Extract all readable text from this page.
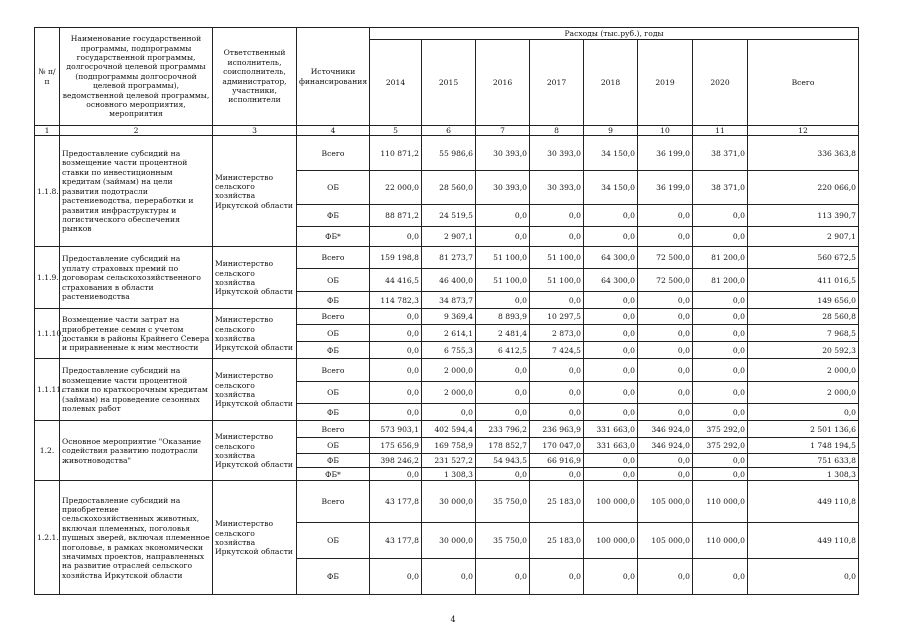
№ п/п	Наименование государственной программы, подпрограммы государственной программы, долгосрочной целевой программы (подпрограммы долгосрочной целевой программы), ведомственной целевой программы, основного мероприятия, мероприятия	Ответственный исполнитель, соисполнитель, администратор, участники, исполнители	Источники финансирования	Расходы (тыс.руб.), годы							
				2014	2015	2016	2017	2018	2019	2020	Всего
1	2	3	4	5	6	7	8	9	10	11	12
1.1.8.	Предоставление субсидий на возмещение части процентной ставки по инвестиционным кредитам (займам) на цели развития подотрасли растениеводства, переработки и развития инфраструктуры и логистического обеспечения рынков	Министерство сельского хозяйства Иркутской области	Всего	110 871,2	55 986,6	30 393,0	30 393,0	34 150,0	36 199,0	38 371,0	336 363,8
			ОБ	22 000,0	28 560,0	30 393,0	30 393,0	34 150,0	36 199,0	38 371,0	220 066,0
			ФБ	88 871,2	24 519,5	0,0	0,0	0,0	0,0	0,0	113 390,7
			ФБ*	0,0	2 907,1	0,0	0,0	0,0	0,0	0,0	2 907,1
1.1.9.	Предоставление субсидий на уплату страховых премий по договорам сельскохозяйственного страхования в области растениеводства	Министерство сельского хозяйства Иркутской области	Всего	159 198,8	81 273,7	51 100,0	51 100,0	64 300,0	72 500,0	81 200,0	560 672,5
			ОБ	44 416,5	46 400,0	51 100,0	51 100,0	64 300,0	72 500,0	81 200,0	411 016,5
			ФБ	114 782,3	34 873,7	0,0	0,0	0,0	0,0	0,0	149 656,0
1.1.10.	Возмещение части затрат на приобретение семян с учетом доставки в районы Крайнего Севера и приравненные к ним местности	Министерство сельского хозяйства Иркутской области	Всего	0,0	9 369,4	8 893,9	10 297,5	0,0	0,0	0,0	28 560,8
			ОБ	0,0	2 614,1	2 481,4	2 873,0	0,0	0,0	0,0	7 968,5
			ФБ	0,0	6 755,3	6 412,5	7 424,5	0,0	0,0	0,0	20 592,3
1.1.11.	Предоставление субсидий на возмещение части процентной ставки по краткосрочным кредитам (займам) на проведение сезонных полевых работ	Министерство сельского хозяйства Иркутской области	Всего	0,0	2 000,0	0,0	0,0	0,0	0,0	0,0	2 000,0
			ОБ	0,0	2 000,0	0,0	0,0	0,0	0,0	0,0	2 000,0
			ФБ	0,0	0,0	0,0	0,0	0,0	0,0	0,0	0,0
1.2.	Основное мероприятие "Оказание содействия развитию подотрасли животноводства"	Министерство сельского хозяйства Иркутской области	Всего	573 903,1	402 594,4	233 796,2	236 963,9	331 663,0	346 924,0	375 292,0	2 501 136,6
			ОБ	175 656,9	169 758,9	178 852,7	170 047,0	331 663,0	346 924,0	375 292,0	1 748 194,5
			ФБ	398 246,2	231 527,2	54 943,5	66 916,9	0,0	0,0	0,0	751 633,8
			ФБ*	0,0	1 308,3	0,0	0,0	0,0	0,0	0,0	1 308,3
1.2.1.	Предоставление субсидий на приобретение сельскохозяйственных животных, включая племенных, поголовья пушных зверей, включая племенное поголовье, в рамках экономически значимых проектов, направленных на развитие отраслей сельского хозяйства Иркутской области	Министерство сельского хозяйства Иркутской области	Всего	43 177,8	30 000,0	35 750,0	25 183,0	100 000,0	105 000,0	110 000,0	449 110,8
			ОБ	43 177,8	30 000,0	35 750,0	25 183,0	100 000,0	105 000,0	110 000,0	449 110,8
			ФБ	0,0	0,0	0,0	0,0	0,0	0,0	0,0	0,0
4
